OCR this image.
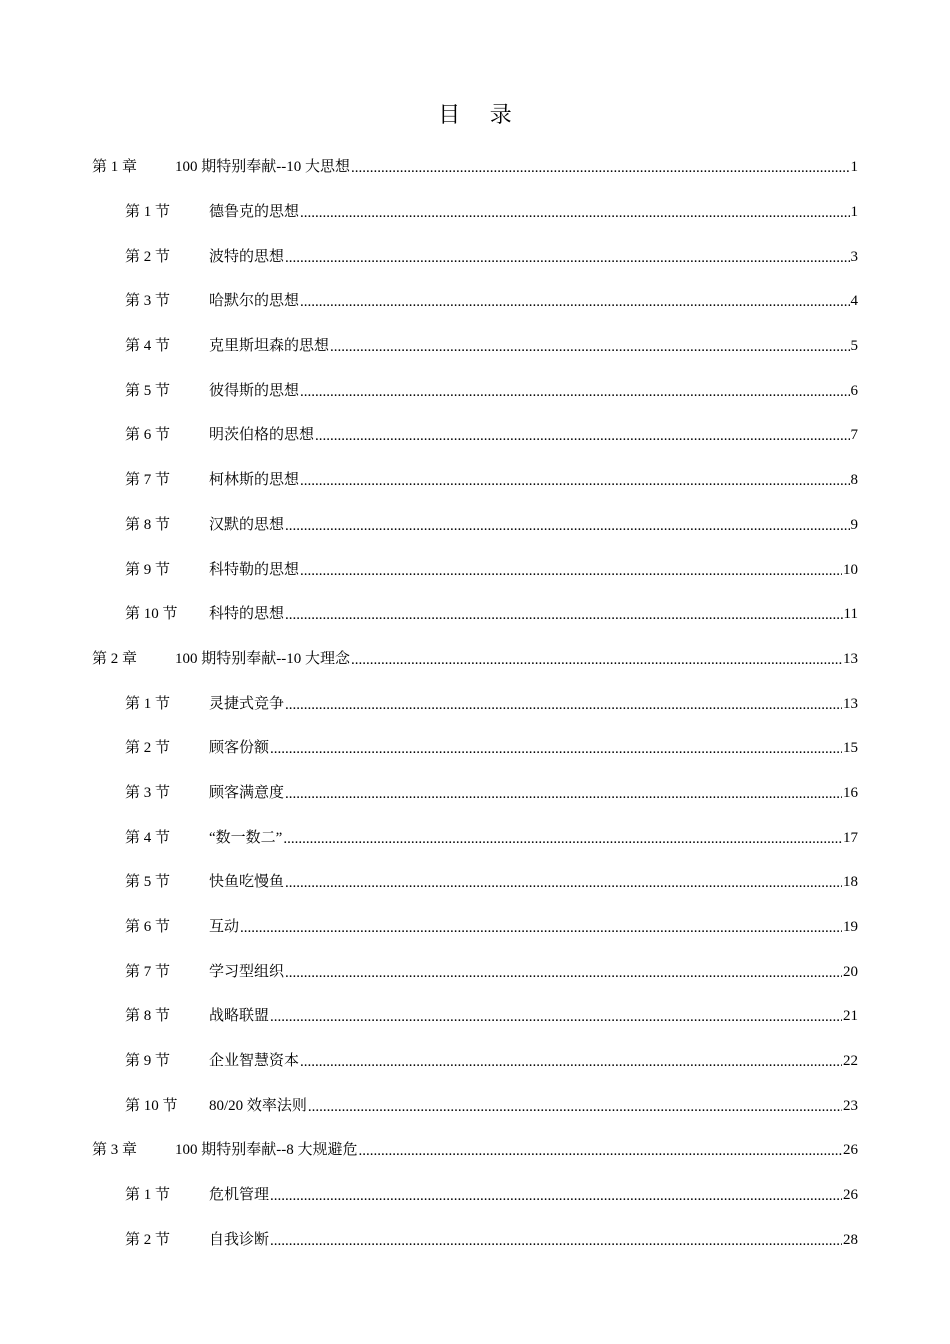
目 录
第 1 章	100 期特别奉献--10 大思想 .....	1
第 1 节	德鲁克的思想 .....	1
第 2 节	波特的思想 .....	3
第 3 节	哈默尔的思想 .....	4
第 4 节	克里斯坦森的思想 .....	5
第 5 节	彼得斯的思想 .....	6
第 6 节	明茨伯格的思想 .....	7
第 7 节	柯林斯的思想 .....	8
第 8 节	汉默的思想 .....	9
第 9 节	科特勒的思想 .....	10
第 10 节	科特的思想 .....	11
第 2 章	100 期特别奉献--10 大理念 .....	13
第 1 节	灵捷式竞争 .....	13
第 2 节	顾客份额 .....	15
第 3 节	顾客满意度 .....	16
第 4 节	“数一数二” .....	17
第 5 节	快鱼吃慢鱼 .....	18
第 6 节	互动 .....	19
第 7 节	学习型组织 .....	20
第 8 节	战略联盟 .....	21
第 9 节	企业智慧资本 .....	22
第 10 节	80/20 效率法则 .....	23
第 3 章	100 期特别奉献--8 大规避危 .....	26
第 1 节	危机管理 .....	26
第 2 节	自我诊断 .....	28
